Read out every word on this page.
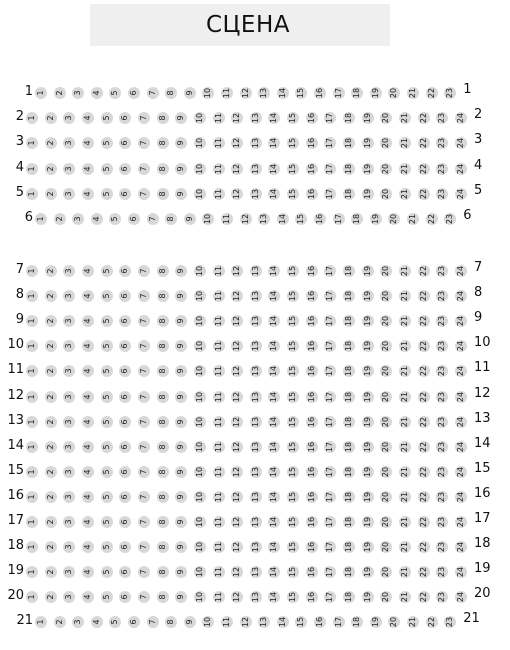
СЦЕНА
1 1 2 3 4 5 6 7 8 9 10 11 12 13 14 15 16 17 18 19 20 21 22 23 1
2 1 2 3 4 5 6 7 8 9 10 11 12 13 14 15 16 17 18 19 20 21 22 23 24 2
3 1 2 3 4 5 6 7 8 9 10 11 12 13 14 15 16 17 18 19 20 21 22 23 24 3
4 1 2 3 4 5 6 7 8 9 10 11 12 13 14 15 16 17 18 19 20 21 22 23 24 4
5 1 2 3 4 5 6 7 8 9 10 11 12 13 14 15 16 17 18 19 20 21 22 23 24 5
6 1 2 3 4 5 6 7 8 9 10 11 12 13 14 15 16 17 18 19 20 21 22 23 6
7 1 2 3 4 5 6 7 8 9 10 11 12 13 14 15 16 17 18 19 20 21 22 23 24 7
8 1 2 3 4 5 6 7 8 9 10 11 12 13 14 15 16 17 18 19 20 21 22 23 24 8
9 1 2 3 4 5 6 7 8 9 10 11 12 13 14 15 16 17 18 19 20 21 22 23 24 9
10 1 2 3 4 5 6 7 8 9 10 11 12 13 14 15 16 17 18 19 20 21 22 23 24 10
11 1 2 3 4 5 6 7 8 9 10 11 12 13 14 15 16 17 18 19 20 21 22 23 24 11
12 1 2 3 4 5 6 7 8 9 10 11 12 13 14 15 16 17 18 19 20 21 22 23 24 12
13 1 2 3 4 5 6 7 8 9 10 11 12 13 14 15 16 17 18 19 20 21 22 23 24 13
14 1 2 3 4 5 6 7 8 9 10 11 12 13 14 15 16 17 18 19 20 21 22 23 24 14
15 1 2 3 4 5 6 7 8 9 10 11 12 13 14 15 16 17 18 19 20 21 22 23 24 15
16 1 2 3 4 5 6 7 8 9 10 11 12 13 14 15 16 17 18 19 20 21 22 23 24 16
17 1 2 3 4 5 6 7 8 9 10 11 12 13 14 15 16 17 18 19 20 21 22 23 24 17
18 1 2 3 4 5 6 7 8 9 10 11 12 13 14 15 16 17 18 19 20 21 22 23 24 18
19 1 2 3 4 5 6 7 8 9 10 11 12 13 14 15 16 17 18 19 20 21 22 23 24 19
20 1 2 3 4 5 6 7 8 9 10 11 12 13 14 15 16 17 18 19 20 21 22 23 24 20
21 1 2 3 4 5 6 7 8 9 10 11 12 13 14 15 16 17 18 19 20 21 22 23 21
